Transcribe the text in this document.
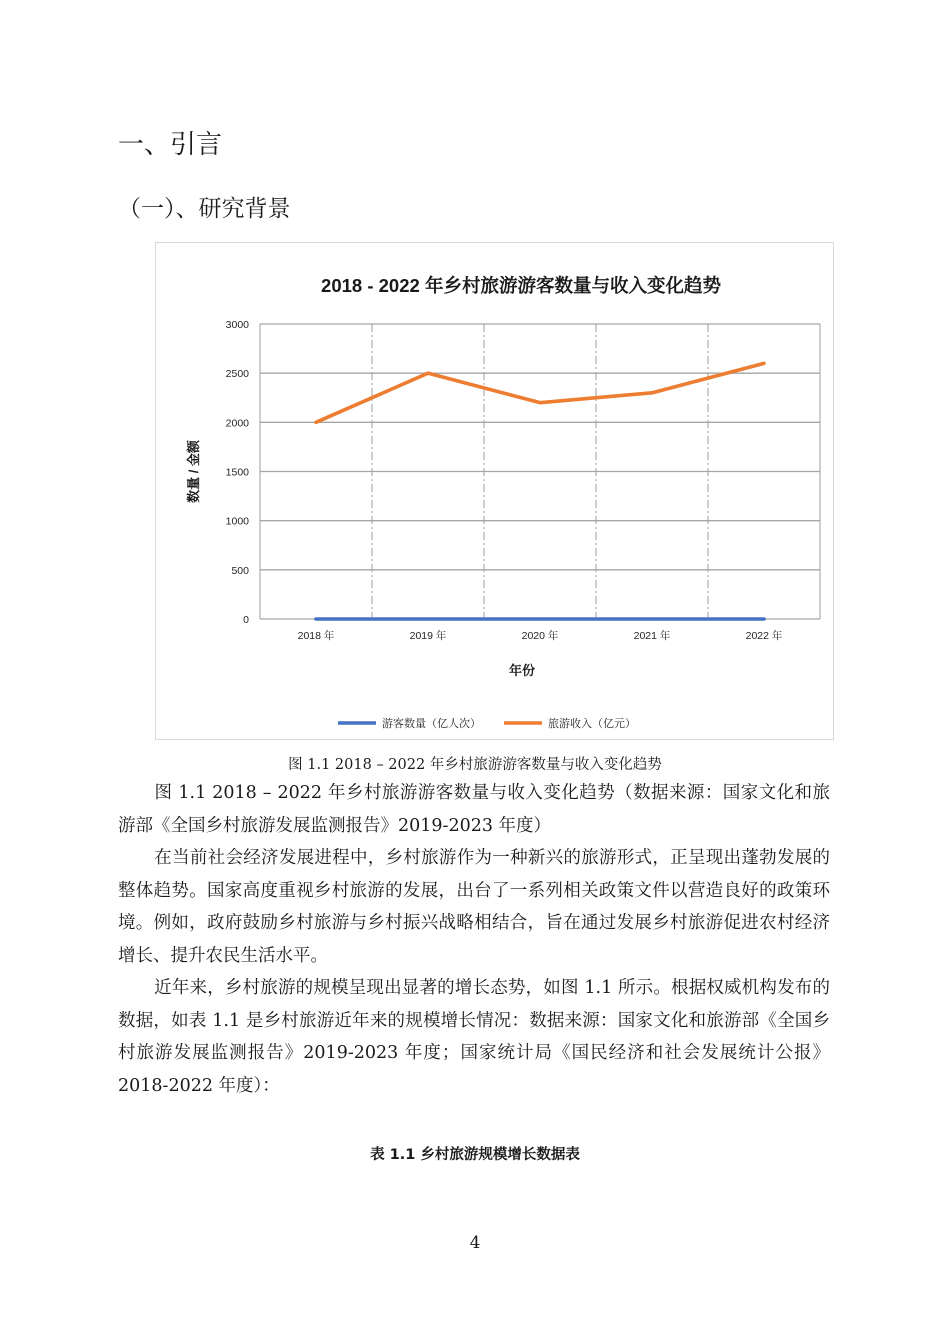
一、引言
（一）、研究背景
2018 - 2022 年乡村旅游游客数量与收入变化趋势
0
500
1000
1500
2000
2500
3000
2018 年	2019 年	2020 年	2021 年	2022 年
年份
数量 / 金额
游客数量（亿人次）	旅游收入（亿元）
图 1.1 2018 – 2022 年乡村旅游游客数量与收入变化趋势

图 1.1 2018 – 2022 年乡村旅游游客数量与收入变化趋势（数据来源：国家文化和旅游部《全国乡村旅游发展监测报告》2019-2023 年度）

在当前社会经济发展进程中，乡村旅游作为一种新兴的旅游形式，正呈现出蓬勃发展的整体趋势。国家高度重视乡村旅游的发展，出台了一系列相关政策文件以营造良好的政策环境。例如，政府鼓励乡村旅游与乡村振兴战略相结合，旨在通过发展乡村旅游促进农村经济增长、提升农民生活水平。

近年来，乡村旅游的规模呈现出显著的增长态势，如图 1.1 所示。根据权威机构发布的数据，如表 1.1 是乡村旅游近年来的规模增长情况：数据来源：国家文化和旅游部《全国乡村旅游发展监测报告》2019-2023 年度；国家统计局《国民经济和社会发展统计公报》2018-2022 年度）：

表 1.1 乡村旅游规模增长数据表
4
